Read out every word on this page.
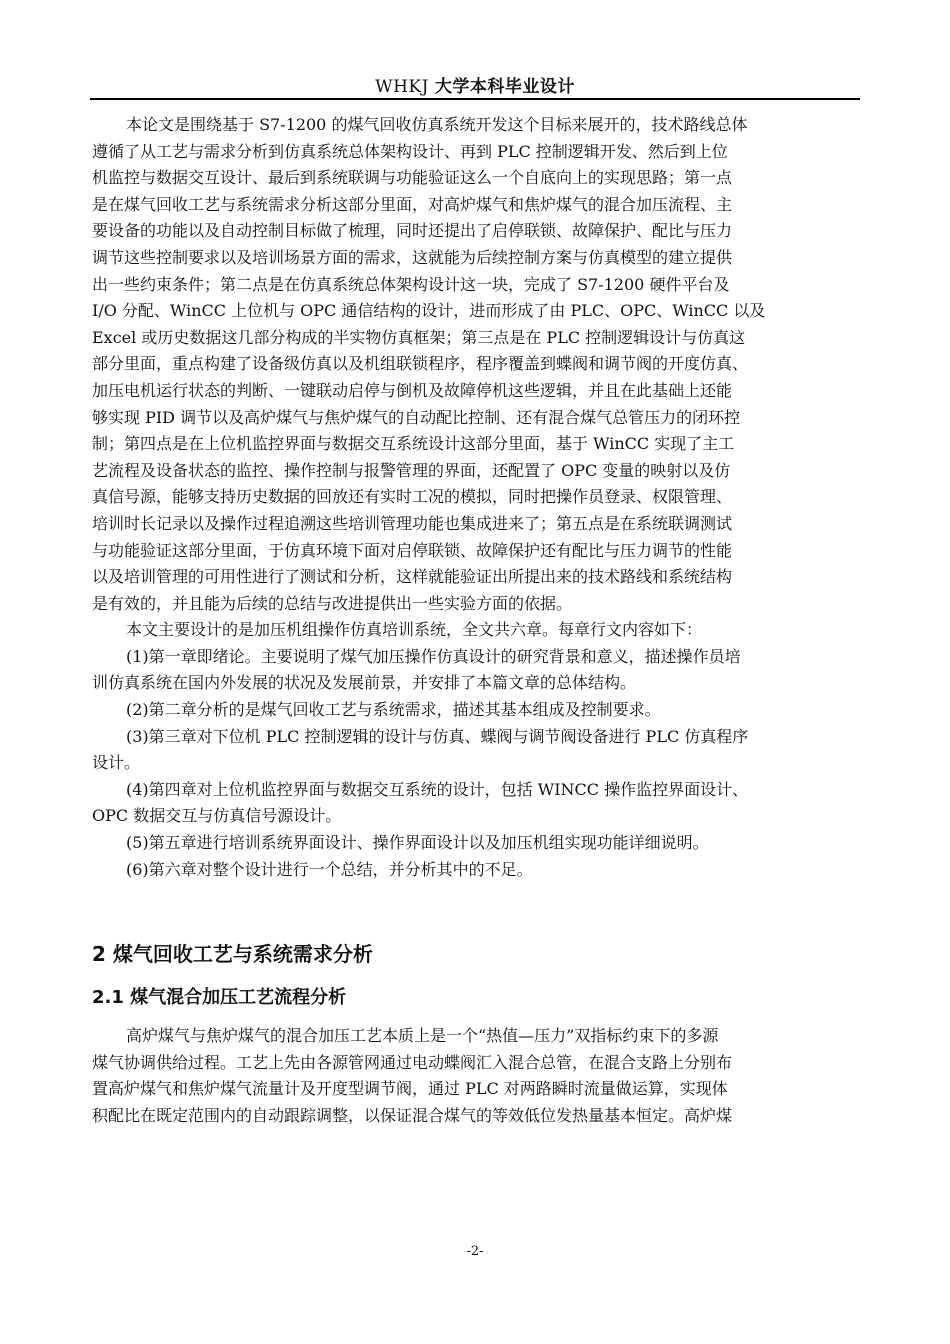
WHKJ 大学本科毕业设计

本论文是围绕基于 S7-1200 的煤气回收仿真系统开发这个目标来展开的，技术路线总体
遵循了从工艺与需求分析到仿真系统总体架构设计、再到 PLC 控制逻辑开发、然后到上位
机监控与数据交互设计、最后到系统联调与功能验证这么一个自底向上的实现思路；第一点
是在煤气回收工艺与系统需求分析这部分里面，对高炉煤气和焦炉煤气的混合加压流程、主
要设备的功能以及自动控制目标做了梳理，同时还提出了启停联锁、故障保护、配比与压力
调节这些控制要求以及培训场景方面的需求，这就能为后续控制方案与仿真模型的建立提供
出一些约束条件；第二点是在仿真系统总体架构设计这一块，完成了 S7-1200 硬件平台及
I/O 分配、WinCC 上位机与 OPC 通信结构的设计，进而形成了由 PLC、OPC、WinCC 以及
Excel 或历史数据这几部分构成的半实物仿真框架；第三点是在 PLC 控制逻辑设计与仿真这
部分里面，重点构建了设备级仿真以及机组联锁程序，程序覆盖到蝶阀和调节阀的开度仿真、
加压电机运行状态的判断、一键联动启停与倒机及故障停机这些逻辑，并且在此基础上还能
够实现 PID 调节以及高炉煤气与焦炉煤气的自动配比控制、还有混合煤气总管压力的闭环控
制；第四点是在上位机监控界面与数据交互系统设计这部分里面，基于 WinCC 实现了主工
艺流程及设备状态的监控、操作控制与报警管理的界面，还配置了 OPC 变量的映射以及仿
真信号源，能够支持历史数据的回放还有实时工况的模拟，同时把操作员登录、权限管理、
培训时长记录以及操作过程追溯这些培训管理功能也集成进来了；第五点是在系统联调测试
与功能验证这部分里面，于仿真环境下面对启停联锁、故障保护还有配比与压力调节的性能
以及培训管理的可用性进行了测试和分析，这样就能验证出所提出来的技术路线和系统结构
是有效的，并且能为后续的总结与改进提供出一些实验方面的依据。

本文主要设计的是加压机组操作仿真培训系统，全文共六章。每章行文内容如下：

(1)第一章即绪论。主要说明了煤气加压操作仿真设计的研究背景和意义，描述操作员培
训仿真系统在国内外发展的状况及发展前景，并安排了本篇文章的总体结构。

(2)第二章分析的是煤气回收工艺与系统需求，描述其基本组成及控制要求。

(3)第三章对下位机 PLC 控制逻辑的设计与仿真、蝶阀与调节阀设备进行 PLC 仿真程序
设计。

(4)第四章对上位机监控界面与数据交互系统的设计，包括 WINCC 操作监控界面设计、
OPC 数据交互与仿真信号源设计。

(5)第五章进行培训系统界面设计、操作界面设计以及加压机组实现功能详细说明。

(6)第六章对整个设计进行一个总结，并分析其中的不足。

2 煤气回收工艺与系统需求分析
2.1 煤气混合加压工艺流程分析

高炉煤气与焦炉煤气的混合加压工艺本质上是一个“热值—压力”双指标约束下的多源
煤气协调供给过程。工艺上先由各源管网通过电动蝶阀汇入混合总管，在混合支路上分别布
置高炉煤气和焦炉煤气流量计及开度型调节阀，通过 PLC 对两路瞬时流量做运算，实现体
积配比在既定范围内的自动跟踪调整，以保证混合煤气的等效低位发热量基本恒定。高炉煤

-2-
